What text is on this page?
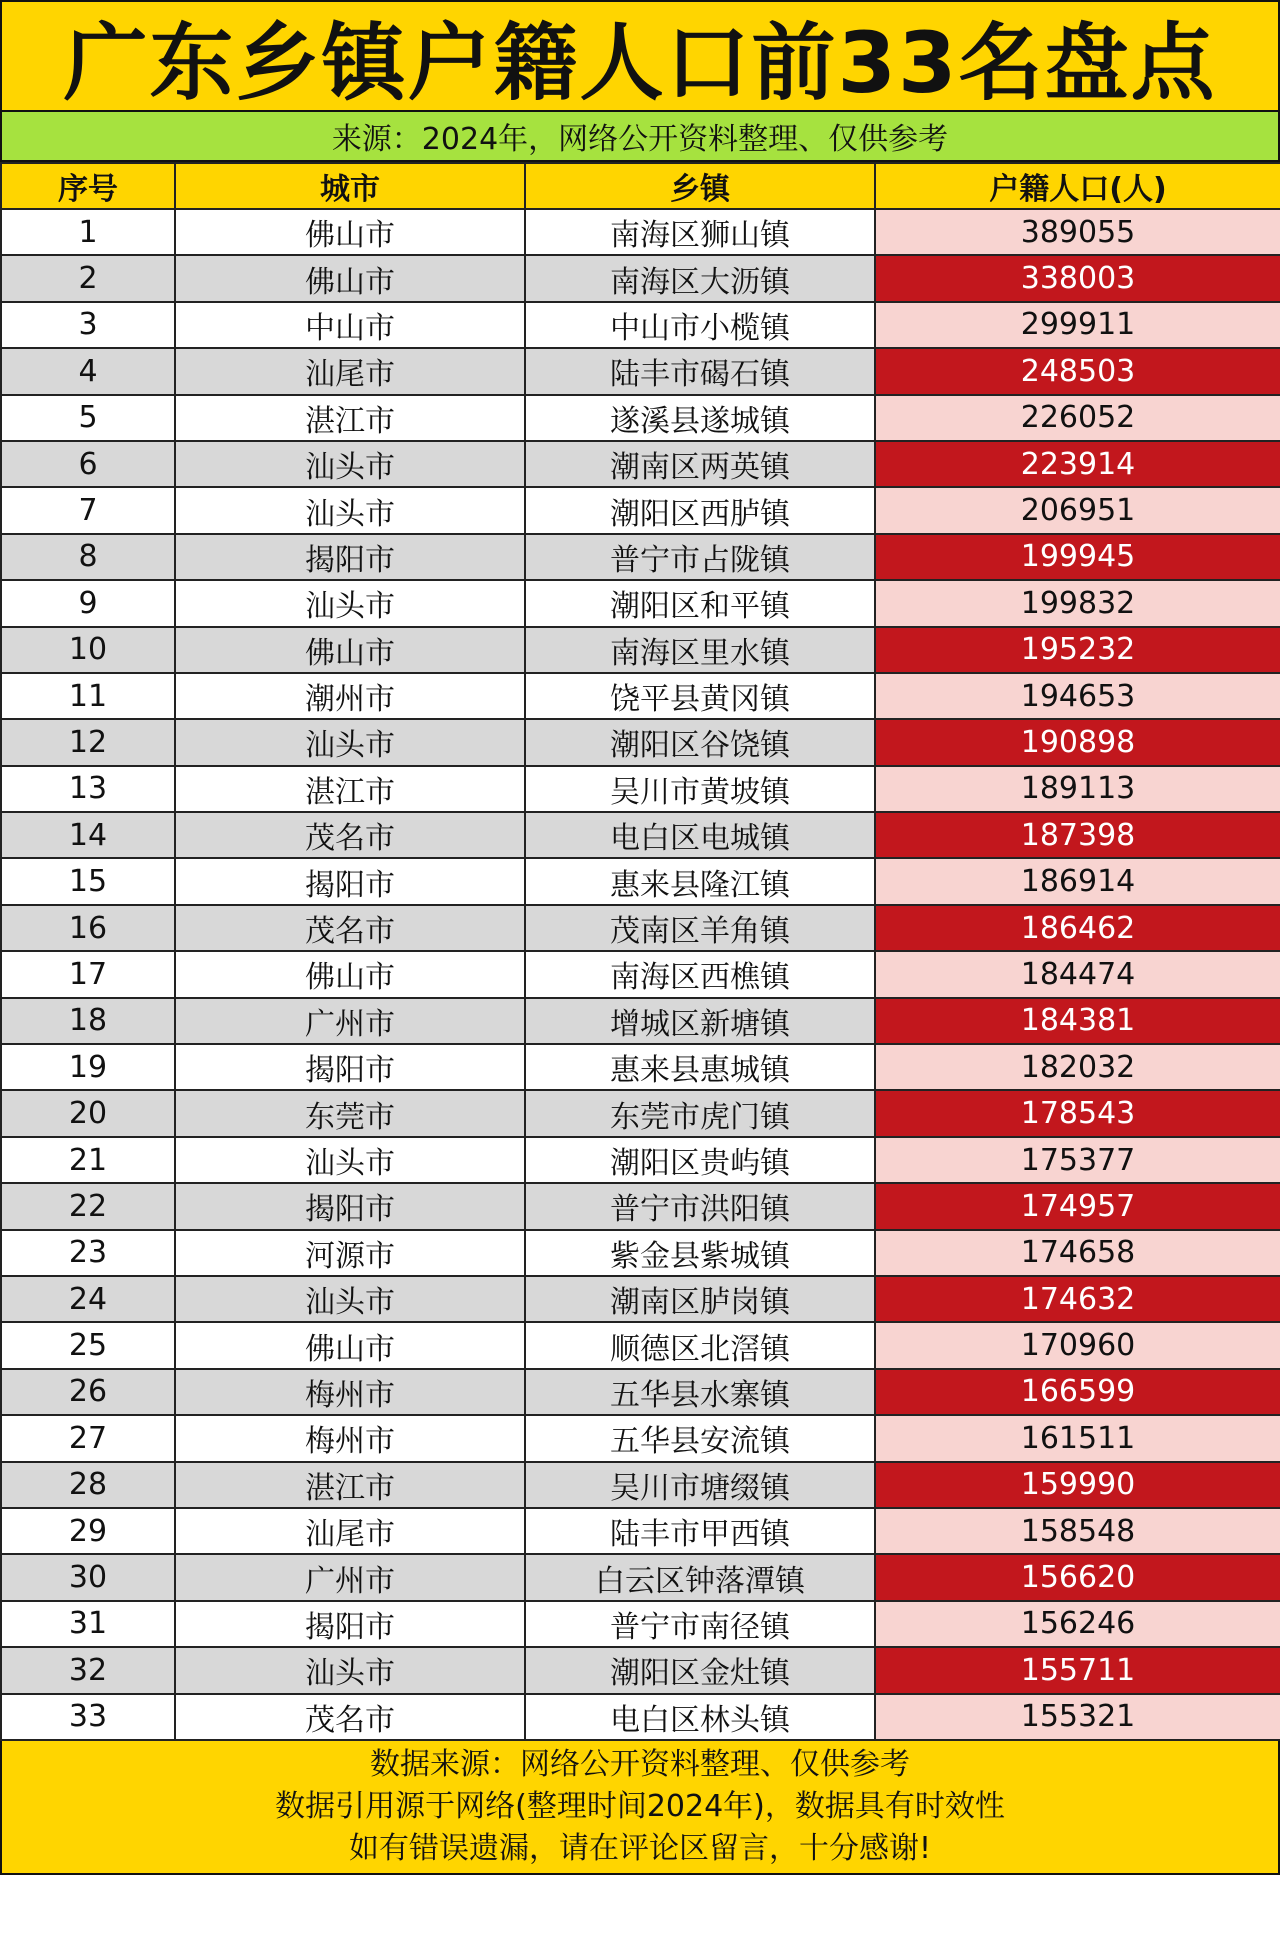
广东乡镇户籍人口前33名盘点
来源：2024年，网络公开资料整理、仅供参考
序号	城市	乡镇	户籍人口(人)
1	佛山市	南海区狮山镇	389055
2	佛山市	南海区大沥镇	338003
3	中山市	中山市小榄镇	299911
4	汕尾市	陆丰市碣石镇	248503
5	湛江市	遂溪县遂城镇	226052
6	汕头市	潮南区两英镇	223914
7	汕头市	潮阳区西胪镇	206951
8	揭阳市	普宁市占陇镇	199945
9	汕头市	潮阳区和平镇	199832
10	佛山市	南海区里水镇	195232
11	潮州市	饶平县黄冈镇	194653
12	汕头市	潮阳区谷饶镇	190898
13	湛江市	吴川市黄坡镇	189113
14	茂名市	电白区电城镇	187398
15	揭阳市	惠来县隆江镇	186914
16	茂名市	茂南区羊角镇	186462
17	佛山市	南海区西樵镇	184474
18	广州市	增城区新塘镇	184381
19	揭阳市	惠来县惠城镇	182032
20	东莞市	东莞市虎门镇	178543
21	汕头市	潮阳区贵屿镇	175377
22	揭阳市	普宁市洪阳镇	174957
23	河源市	紫金县紫城镇	174658
24	汕头市	潮南区胪岗镇	174632
25	佛山市	顺德区北滘镇	170960
26	梅州市	五华县水寨镇	166599
27	梅州市	五华县安流镇	161511
28	湛江市	吴川市塘缀镇	159990
29	汕尾市	陆丰市甲西镇	158548
30	广州市	白云区钟落潭镇	156620
31	揭阳市	普宁市南径镇	156246
32	汕头市	潮阳区金灶镇	155711
33	茂名市	电白区林头镇	155321
数据来源：网络公开资料整理、仅供参考
数据引用源于网络(整理时间2024年)，数据具有时效性
如有错误遗漏，请在评论区留言，十分感谢!
